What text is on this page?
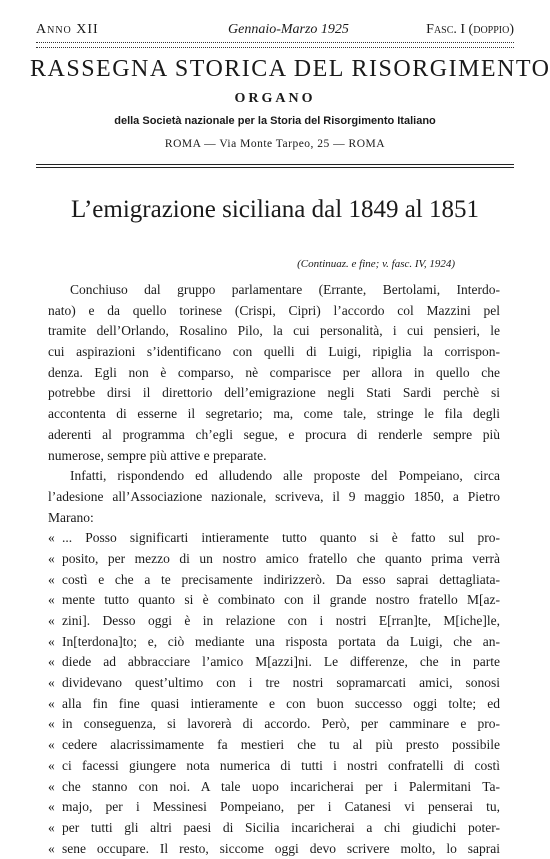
Anno XII	Gennaio-Marzo 1925	Fasc. I (doppio)
RASSEGNA STORICA DEL RISORGIMENTO
ORGANO
della Società nazionale per la Storia del Risorgimento Italiano
ROMA — Via Monte Tarpeo, 25 — ROMA
L’emigrazione siciliana dal 1849 al 1851
(Continuaz. e fine; v. fasc. IV, 1924)
Conchiuso dal gruppo parlamentare (Errante, Bertolami, Interdo-
nato) e da quello torinese (Crispi, Cipri) l’accordo col Mazzini pel
tramite dell’Orlando, Rosalino Pilo, la cui personalità, i cui pensieri, le
cui aspirazioni s’identificano con quelli di Luigi, ripiglia la corrispon-
denza. Egli non è comparso, nè comparisce per allora in quello che
potrebbe dirsi il direttorio dell’emigrazione negli Stati Sardi perchè si
accontenta di esserne il segretario; ma, come tale, stringe le fila degli
aderenti al programma ch’egli segue, e procura di renderle sempre più
numerose, sempre più attive e preparate.
Infatti, rispondendo ed alludendo alle proposte del Pompeiano, circa
l’adesione all’Associazione nazionale, scriveva, il 9 maggio 1850, a Pietro
Marano:
« ... Posso significarti intieramente tutto quanto si è fatto sul pro-
« posito, per mezzo di un nostro amico fratello che quanto prima verrà
« costì e che a te precisamente indirizzerò. Da esso saprai dettagliata-
« mente tutto quanto si è combinato con il grande nostro fratello M[az-
« zini]. Desso oggi è in relazione con i nostri E[rran]te, M[iche]le,
« In[terdona]to; e, ciò mediante una risposta portata da Luigi, che an-
« diede ad abbracciare l’amico M[azzi]ni. Le differenze, che in parte
« dividevano quest’ultimo con i tre nostri sopramarcati amici, sonosi
« alla fin fine quasi intieramente e con buon successo oggi tolte; ed
« in conseguenza, si lavorerà di accordo. Però, per camminare e pro-
« cedere alacrissimamente fa mestieri che tu al più presto possibile
« ci facessi giungere nota numerica di tutti i nostri confratelli di costì
« che stanno con noi. A tale uopo incaricherai per i Palermitani Ta-
« majo, per i Messinesi Pompeiano, per i Catanesi vi penserai tu,
« per tutti gli altri paesi di Sicilia incaricherai a chi giudichi poter-
« sene occupare. Il resto, siccome oggi devo scrivere molto, lo saprai
